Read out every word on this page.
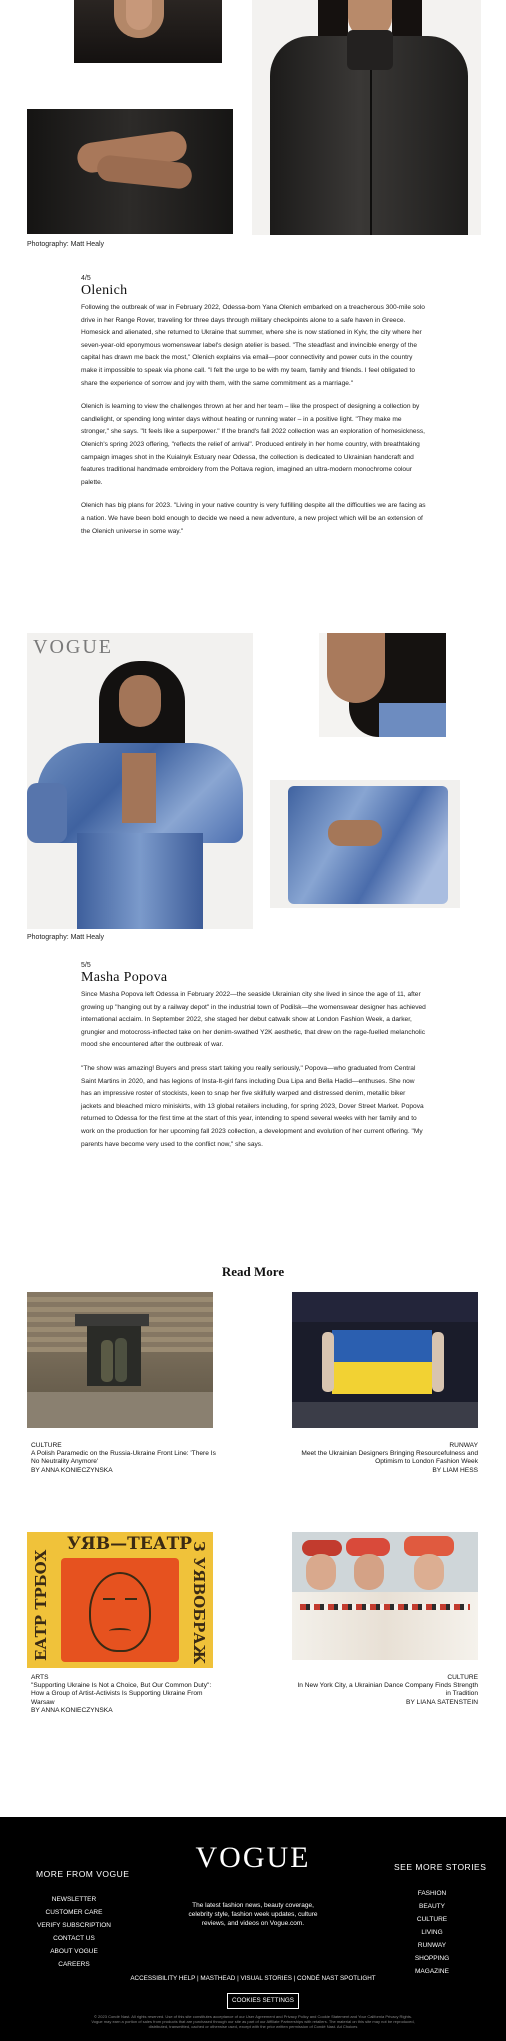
Photography: Matt Healy
4/5
Olenich

Following the outbreak of war in February 2022, Odessa-born Yana Olenich embarked on a treacherous 300-mile solo drive in her Range Rover, traveling for three days through military checkpoints alone to a safe haven in Greece. Homesick and alienated, she returned to Ukraine that summer, where she is now stationed in Kyiv, the city where her seven-year-old eponymous womenswear label's design atelier is based. "The steadfast and invincible energy of the capital has drawn me back the most," Olenich explains via email—poor connectivity and power cuts in the country make it impossible to speak via phone call. "I felt the urge to be with my team, family and friends. I feel obligated to share the experience of sorrow and joy with them, with the same commitment as a marriage."

Olenich is learning to view the challenges thrown at her and her team – like the prospect of designing a collection by candlelight, or spending long winter days without heating or running water – in a positive light. "They make me stronger," she says. "It feels like a superpower." If the brand's fall 2022 collection was an exploration of homesickness, Olenich's spring 2023 offering, "reflects the relief of arrival". Produced entirely in her home country, with breathtaking campaign images shot in the Kuialnyk Estuary near Odessa, the collection is dedicated to Ukrainian handcraft and features traditional handmade embroidery from the Poltava region, imagined an ultra-modern monochrome colour palette.

Olenich has big plans for 2023. "Living in your native country is very fulfilling despite all the difficulties we are facing as a nation. We have been bold enough to decide we need a new adventure, a new project which will be an extension of the Olenich universe in some way."

VOGUE
Photography: Matt Healy
5/5
Masha Popova

Since Masha Popova left Odessa in February 2022—the seaside Ukrainian city she lived in since the age of 11, after growing up "hanging out by a railway depot" in the industrial town of Podilsk—the womenswear designer has achieved international acclaim. In September 2022, she staged her debut catwalk show at London Fashion Week, a darker, grungier and motocross-inflected take on her denim-swathed Y2K aesthetic, that drew on the rage-fuelled melancholic mood she encountered after the outbreak of war.

"The show was amazing! Buyers and press start taking you really seriously," Popova—who graduated from Central Saint Martins in 2020, and has legions of Insta-It-girl fans including Dua Lipa and Bella Hadid—enthuses. She now has an impressive roster of stockists, keen to snap her five skilfully warped and distressed denim, metallic biker jackets and bleached micro miniskirts, with 13 global retailers including, for spring 2023, Dover Street Market. Popova returned to Odessa for the first time at the start of this year, intending to spend several weeks with her family and to work on the production for her upcoming fall 2023 collection, a development and evolution of her current offering. "My parents have become very used to the conflict now," she says.

Read More
CULTURE
A Polish Paramedic on the Russia-Ukraine Front Line: 'There Is No Neutrality Anymore'
BY ANNA KONIECZYNSKA
RUNWAY
Meet the Ukrainian Designers Bringing Resourcefulness and Optimism to London Fashion Week
BY LIAM HESS
УЯВ—ТЕАТР
ЕАТР ТРБОХ	З УЯВОБРАЖ
ARTS
"Supporting Ukraine Is Not a Choice, But Our Common Duty": How a Group of Artist-Activists Is Supporting Ukraine From Warsaw
BY ANNA KONIECZYNSKA
CULTURE
In New York City, a Ukrainian Dance Company Finds Strength in Tradition
BY LIANA SATENSTEIN
MORE FROM VOGUE
NEWSLETTER
CUSTOMER CARE
VERIFY SUBSCRIPTION
CONTACT US
ABOUT VOGUE
CAREERS
VOGUE
The latest fashion news, beauty coverage, celebrity style, fashion week updates, culture reviews, and videos on Vogue.com.
SEE MORE STORIES
FASHION
BEAUTY
CULTURE
LIVING
RUNWAY
SHOPPING
MAGAZINE
ACCESSIBILITY HELP | MASTHEAD | VISUAL STORIES | CONDÉ NAST SPOTLIGHT
COOKIES SETTINGS
© 2023 Condé Nast. All rights reserved. Use of this site constitutes acceptance of our User Agreement and Privacy Policy and Cookie Statement and Your California Privacy Rights. Vogue may earn a portion of sales from products that are purchased through our site as part of our Affiliate Partnerships with retailers. The material on this site may not be reproduced, distributed, transmitted, cached or otherwise used, except with the prior written permission of Condé Nast. Ad Choices
